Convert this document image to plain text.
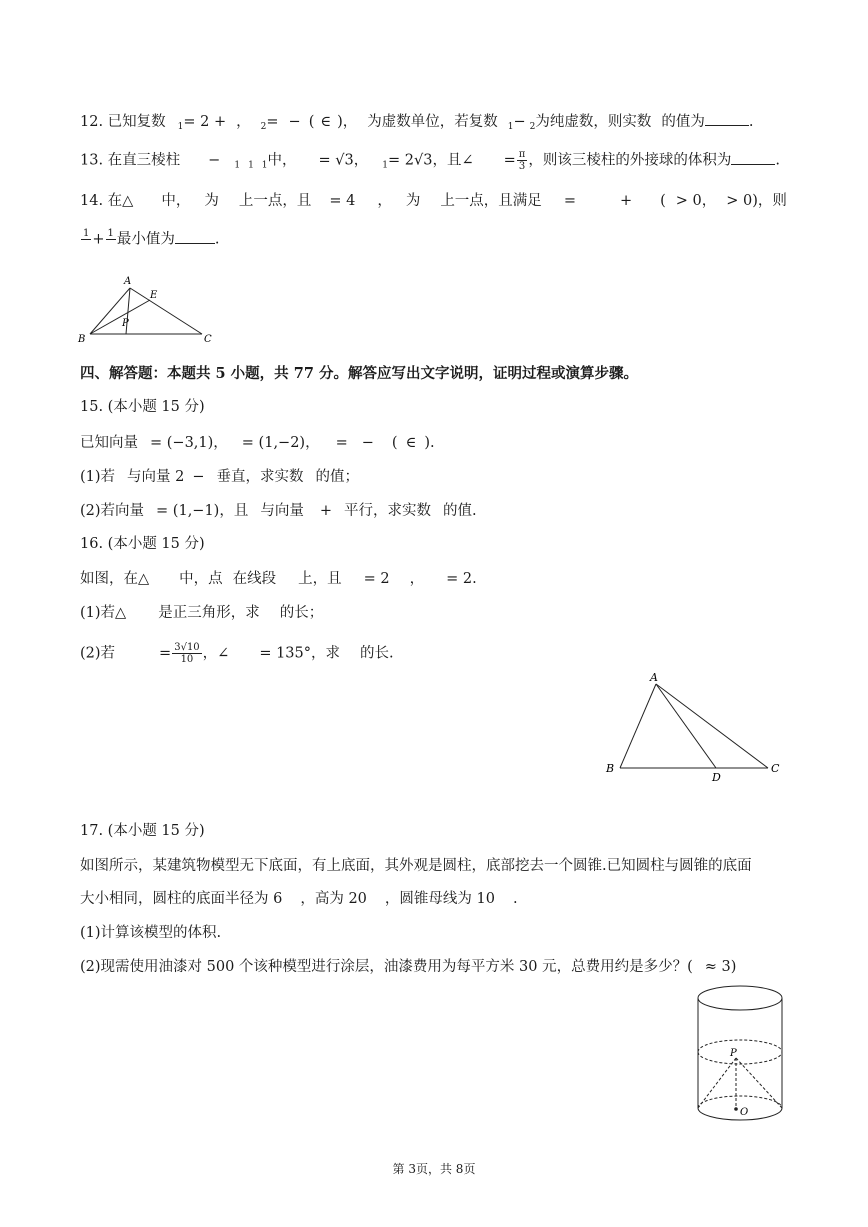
12. 已知复数 $_1$= 2 + ， $_2$= − ( ∈ )， 为虚数单位，若复数 $_1$− $_2$为纯虚数，则实数 的值为	.
13. 在直三棱柱 − $_1$ $_1$ $_1$中， = √3， $_1$= 2√3，且∠ = $\frac{\pi}{3}$ ，则该三棱柱的外接球的体积为	.
14. 在△ 中， 为 上一点，且 = 4 ， 为 上一点，且满足 =	+ ( > 0， > 0)，则
1
+ 1
最小值为	.
A
E
P
B	C
四、解答题：本题共 5 小题，共 77 分。解答应写出文字说明，证明过程或演算步骤。
15. (本小题 15 分)
已知向量 = (−3,1)， = (1,−2)， = − ( ∈ ).
(1)若 与向量 2 − 垂直，求实数 的值；
(2)若向量 = (1,−1)，且 与向量 + 平行，求实数 的值.
16. (本小题 15 分)
如图，在△ 中，点 在线段 上，且 = 2 ， = 2.
(1)若△ 是正三角形，求 的长；
(2)若	= $\frac{3√10}{10}$ ，∠ = 135°，求 的长.
A
B
D
C
17. (本小题 15 分)
如图所示，某建筑物模型无下底面，有上底面，其外观是圆柱，底部挖去一个圆锥.已知圆柱与圆锥的底面
大小相同，圆柱的底面半径为 6 ，高为 20 ，圆锥母线为 10 .
(1)计算该模型的体积.
(2)现需使用油漆对 500 个该种模型进行涂层，油漆费用为每平方米 30 元，总费用约是多少？( ≈ 3)
P
O
第 3页，共 8页
